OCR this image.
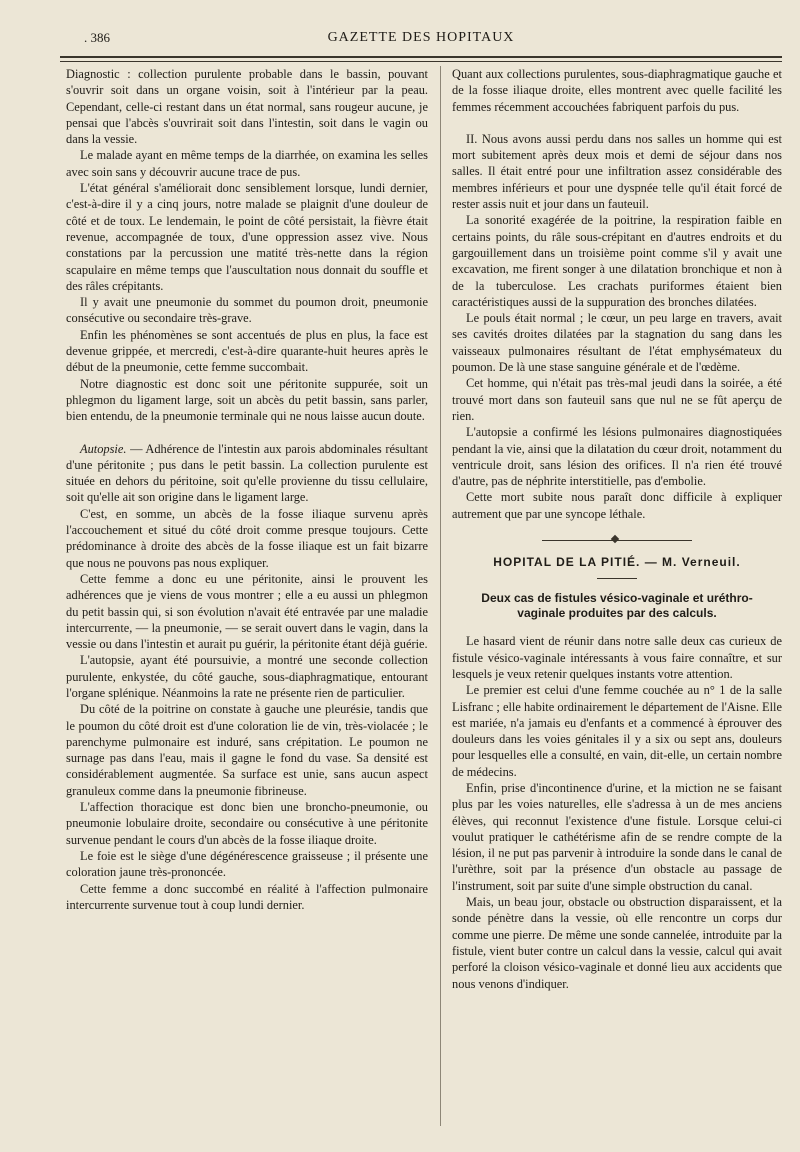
. 386	GAZETTE DES HOPITAUX

Diagnostic : collection purulente probable dans le bassin, pouvant s'ouvrir soit dans un organe voisin, soit à l'intérieur par la peau. Cependant, celle-ci restant dans un état normal, sans rougeur aucune, je pensai que l'abcès s'ouvrirait soit dans l'intestin, soit dans le vagin ou dans la vessie.

Le malade ayant en même temps de la diarrhée, on examina les selles avec soin sans y découvrir aucune trace de pus.

L'état général s'améliorait donc sensiblement lorsque, lundi dernier, c'est-à-dire il y a cinq jours, notre malade se plaignit d'une douleur de côté et de toux. Le lendemain, le point de côté persistait, la fièvre était revenue, accompagnée de toux, d'une oppression assez vive. Nous constations par la percussion une matité très-nette dans la région scapulaire en même temps que l'auscultation nous donnait du souffle et des râles crépitants.

Il y avait une pneumonie du sommet du poumon droit, pneumonie consécutive ou secondaire très-grave.

Enfin les phénomènes se sont accentués de plus en plus, la face est devenue grippée, et mercredi, c'est-à-dire quarante-huit heures après le début de la pneumonie, cette femme succombait.

Notre diagnostic est donc soit une péritonite suppurée, soit un phlegmon du ligament large, soit un abcès du petit bassin, sans parler, bien entendu, de la pneumonie terminale qui ne nous laisse aucun doute.

Autopsie. — Adhérence de l'intestin aux parois abdominales résultant d'une péritonite ; pus dans le petit bassin. La collection purulente est située en dehors du péritoine, soit qu'elle provienne du tissu cellulaire, soit qu'elle ait son origine dans le ligament large.

C'est, en somme, un abcès de la fosse iliaque survenu après l'accouchement et situé du côté droit comme presque toujours. Cette prédominance à droite des abcès de la fosse iliaque est un fait bizarre que nous ne pouvons pas nous expliquer.

Cette femme a donc eu une péritonite, ainsi le prouvent les adhérences que je viens de vous montrer ; elle a eu aussi un phlegmon du petit bassin qui, si son évolution n'avait été entravée par une maladie intercurrente, — la pneumonie, — se serait ouvert dans le vagin, dans la vessie ou dans l'intestin et aurait pu guérir, la péritonite étant déjà guérie.

L'autopsie, ayant été poursuivie, a montré une seconde collection purulente, enkystée, du côté gauche, sous-diaphragmatique, entourant l'organe splénique. Néanmoins la rate ne présente rien de particulier.

Du côté de la poitrine on constate à gauche une pleurésie, tandis que le poumon du côté droit est d'une coloration lie de vin, très-violacée ; le parenchyme pulmonaire est induré, sans crépitation. Le poumon ne surnage pas dans l'eau, mais il gagne le fond du vase. Sa densité est considérablement augmentée. Sa surface est unie, sans aucun aspect granuleux comme dans la pneumonie fibrineuse.

L'affection thoracique est donc bien une broncho-pneumonie, ou pneumonie lobulaire droite, secondaire ou consécutive à une péritonite survenue pendant le cours d'un abcès de la fosse iliaque droite.

Le foie est le siège d'une dégénérescence graisseuse ; il présente une coloration jaune très-prononcée.

Cette femme a donc succombé en réalité à l'affection pulmonaire intercurrente survenue tout à coup lundi dernier.

Quant aux collections purulentes, sous-diaphragmatique gauche et de la fosse iliaque droite, elles montrent avec quelle facilité les femmes récemment accouchées fabriquent parfois du pus.

II. Nous avons aussi perdu dans nos salles un homme qui est mort subitement après deux mois et demi de séjour dans nos salles. Il était entré pour une infiltration assez considérable des membres inférieurs et pour une dyspnée telle qu'il était forcé de rester assis nuit et jour dans un fauteuil.

La sonorité exagérée de la poitrine, la respiration faible en certains points, du râle sous-crépitant en d'autres endroits et du gargouillement dans un troisième point comme s'il y avait une excavation, me firent songer à une dilatation bronchique et non à de la tuberculose. Les crachats puriformes étaient bien caractéristiques aussi de la suppuration des bronches dilatées.

Le pouls était normal ; le cœur, un peu large en travers, avait ses cavités droites dilatées par la stagnation du sang dans les vaisseaux pulmonaires résultant de l'état emphysémateux du poumon. De là une stase sanguine générale et de l'œdème.

Cet homme, qui n'était pas très-mal jeudi dans la soirée, a été trouvé mort dans son fauteuil sans que nul ne se fût aperçu de rien.

L'autopsie a confirmé les lésions pulmonaires diagnostiquées pendant la vie, ainsi que la dilatation du cœur droit, notamment du ventricule droit, sans lésion des orifices. Il n'a rien été trouvé d'autre, pas de néphrite interstitielle, pas d'embolie.

Cette mort subite nous paraît donc difficile à expliquer autrement que par une syncope léthale.

HOPITAL DE LA PITIÉ. — M. Verneuil.
Deux cas de fistules vésico-vaginale et uréthro-vaginale produites par des calculs.

Le hasard vient de réunir dans notre salle deux cas curieux de fistule vésico-vaginale intéressants à vous faire connaître, et sur lesquels je veux retenir quelques instants votre attention.

Le premier est celui d'une femme couchée au n° 1 de la salle Lisfranc ; elle habite ordinairement le département de l'Aisne. Elle est mariée, n'a jamais eu d'enfants et a commencé à éprouver des douleurs dans les voies génitales il y a six ou sept ans, douleurs pour lesquelles elle a consulté, en vain, dit-elle, un certain nombre de médecins.

Enfin, prise d'incontinence d'urine, et la miction ne se faisant plus par les voies naturelles, elle s'adressa à un de mes anciens élèves, qui reconnut l'existence d'une fistule. Lorsque celui-ci voulut pratiquer le cathétérisme afin de se rendre compte de la lésion, il ne put pas parvenir à introduire la sonde dans le canal de l'urèthre, soit par la présence d'un obstacle au passage de l'instrument, soit par suite d'une simple obstruction du canal.

Mais, un beau jour, obstacle ou obstruction disparaissent, et la sonde pénètre dans la vessie, où elle rencontre un corps dur comme une pierre. De même une sonde cannelée, introduite par la fistule, vient buter contre un calcul dans la vessie, calcul qui avait perforé la cloison vésico-vaginale et donné lieu aux accidents que nous venons d'indiquer.
